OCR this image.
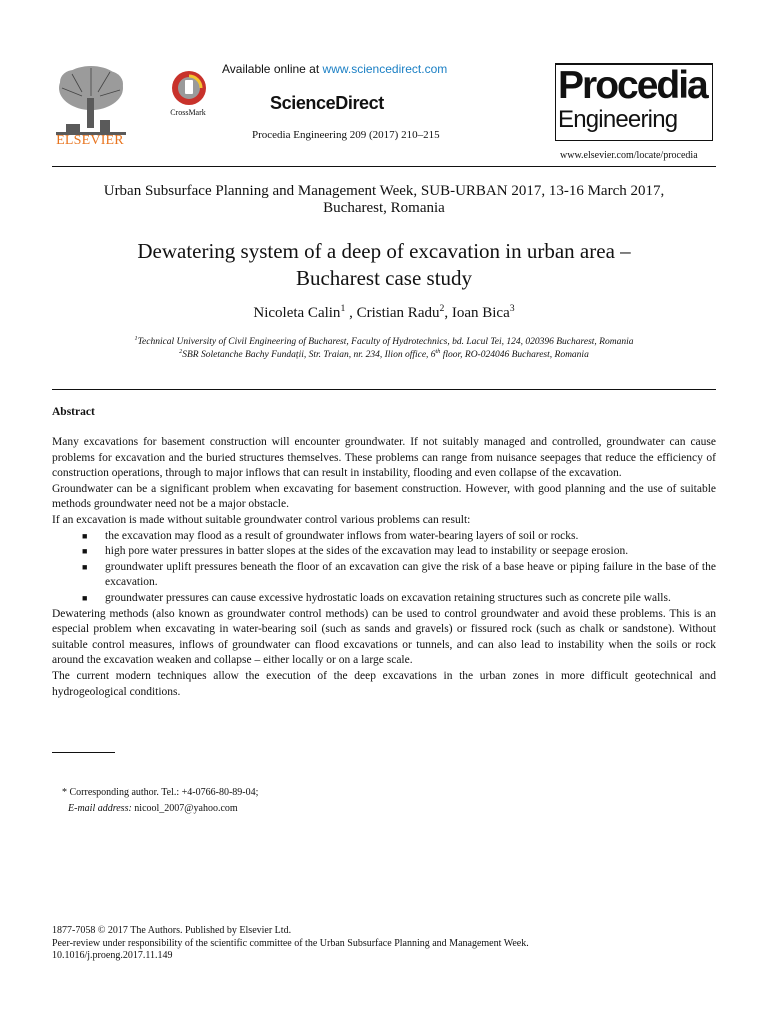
ELSEVIER
Available online at www.sciencedirect.com
CrossMark	ScienceDirect
Procedia Engineering 209 (2017) 210–215
Procedia
Engineering
www.elsevier.com/locate/procedia
Urban Subsurface Planning and Management Week, SUB-URBAN 2017, 13-16 March 2017,
Bucharest, Romania
Dewatering system of a deep of excavation in urban area –
Bucharest case study
Nicoleta Calin$^1$ , Cristian Radu$^2$, Ioan Bica$^3$
$^1$Technical University of Civil Engineering of Bucharest, Faculty of Hydrotechnics, bd. Lacul Tei, 124, 020396 Bucharest, Romania
$^2$SBR Soletanche Bachy Fundații, Str. Traian, nr. 234, Ilion office, 6th floor, RO-024046 Bucharest, Romania
Abstract

Many excavations for basement construction will encounter groundwater. If not suitably managed and controlled, groundwater can cause problems for excavation and the buried structures themselves. These problems can range from nuisance seepages that reduce the efficiency of construction operations, through to major inflows that can result in instability, flooding and even collapse of the excavation.

Groundwater can be a significant problem when excavating for basement construction. However, with good planning and the use of suitable methods groundwater need not be a major obstacle.

If an excavation is made without suitable groundwater control various problems can result:

■ the excavation may flood as a result of groundwater inflows from water-bearing layers of soil or rocks.
■ high pore water pressures in batter slopes at the sides of the excavation may lead to instability or seepage erosion.
■ groundwater uplift pressures beneath the floor of an excavation can give the risk of a base heave or piping failure in the base of the excavation.
■ groundwater pressures can cause excessive hydrostatic loads on excavation retaining structures such as concrete pile walls.

Dewatering methods (also known as groundwater control methods) can be used to control groundwater and avoid these problems. This is an especial problem when excavating in water-bearing soil (such as sands and gravels) or fissured rock (such as chalk or sandstone). Without suitable control measures, inflows of groundwater can flood excavations or tunnels, and can also lead to instability when the soils or rock around the excavation weaken and collapse – either locally or on a large scale.

The current modern techniques allow the execution of the deep excavations in the urban zones in more difficult geotechnical and hydrogeological conditions.

* Corresponding author. Tel.: +4-0766-80-89-04;
E-mail address: nicool_2007@yahoo.com
1877-7058 © 2017 The Authors. Published by Elsevier Ltd.
Peer-review under responsibility of the scientific committee of the Urban Subsurface Planning and Management Week.
10.1016/j.proeng.2017.11.149
